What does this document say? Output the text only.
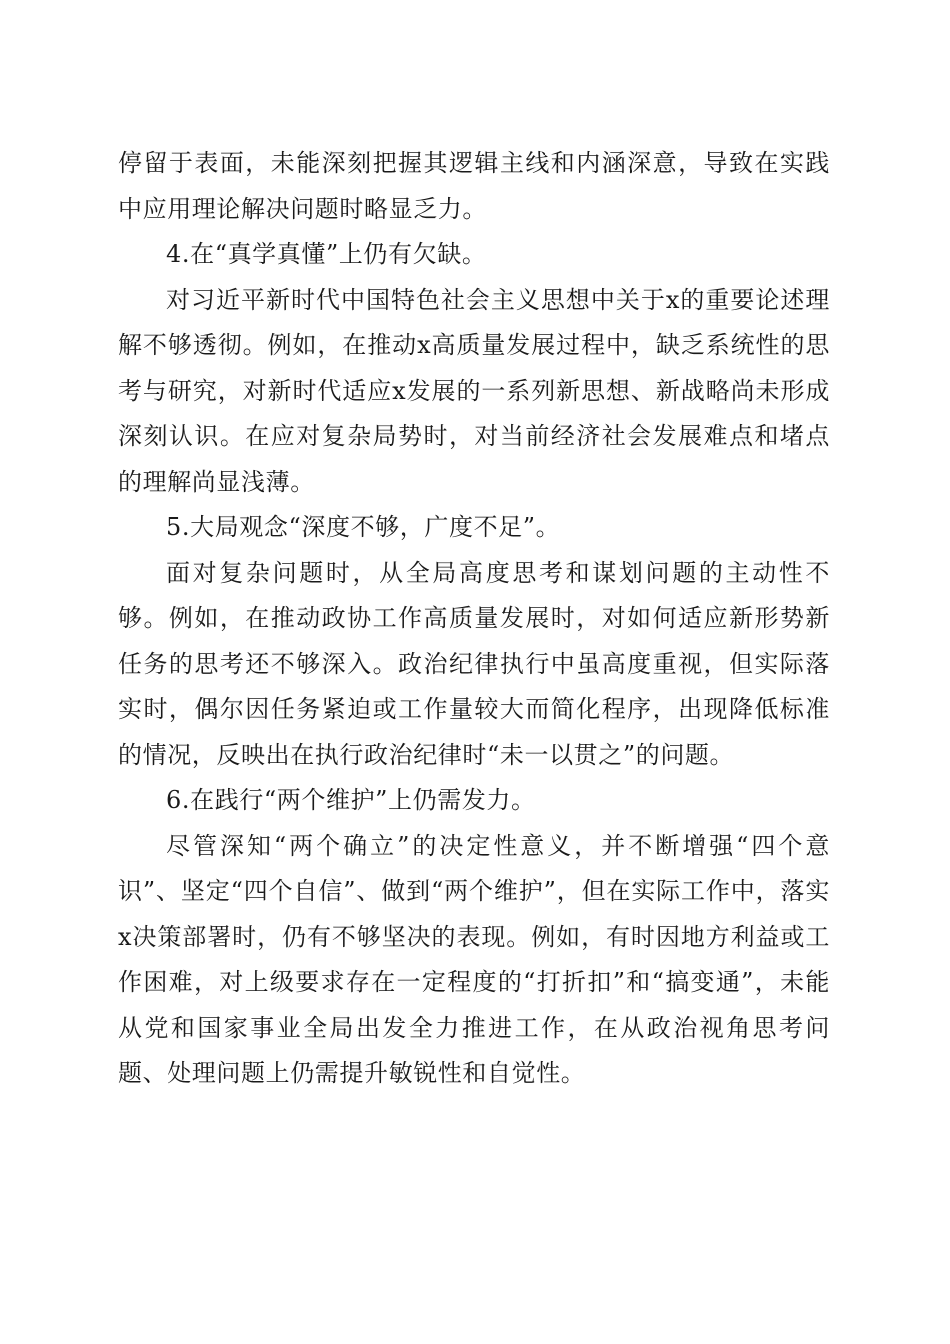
停留于表面，未能深刻把握其逻辑主线和内涵深意，导致在实践中应用理论解决问题时略显乏力。

4.在“真学真懂”上仍有欠缺。

对习近平新时代中国特色社会主义思想中关于x的重要论述理解不够透彻。例如，在推动x高质量发展过程中，缺乏系统性的思考与研究，对新时代适应x发展的一系列新思想、新战略尚未形成深刻认识。在应对复杂局势时，对当前经济社会发展难点和堵点的理解尚显浅薄。

5.大局观念“深度不够，广度不足”。

面对复杂问题时，从全局高度思考和谋划问题的主动性不够。例如，在推动政协工作高质量发展时，对如何适应新形势新任务的思考还不够深入。政治纪律执行中虽高度重视，但实际落实时，偶尔因任务紧迫或工作量较大而简化程序，出现降低标准的情况，反映出在执行政治纪律时“未一以贯之”的问题。

6.在践行“两个维护”上仍需发力。

尽管深知“两个确立”的决定性意义，并不断增强“四个意识”、坚定“四个自信”、做到“两个维护”，但在实际工作中，落实x决策部署时，仍有不够坚决的表现。例如，有时因地方利益或工作困难，对上级要求存在一定程度的“打折扣”和“搞变通”，未能从党和国家事业全局出发全力推进工作，在从政治视角思考问题、处理问题上仍需提升敏锐性和自觉性。
